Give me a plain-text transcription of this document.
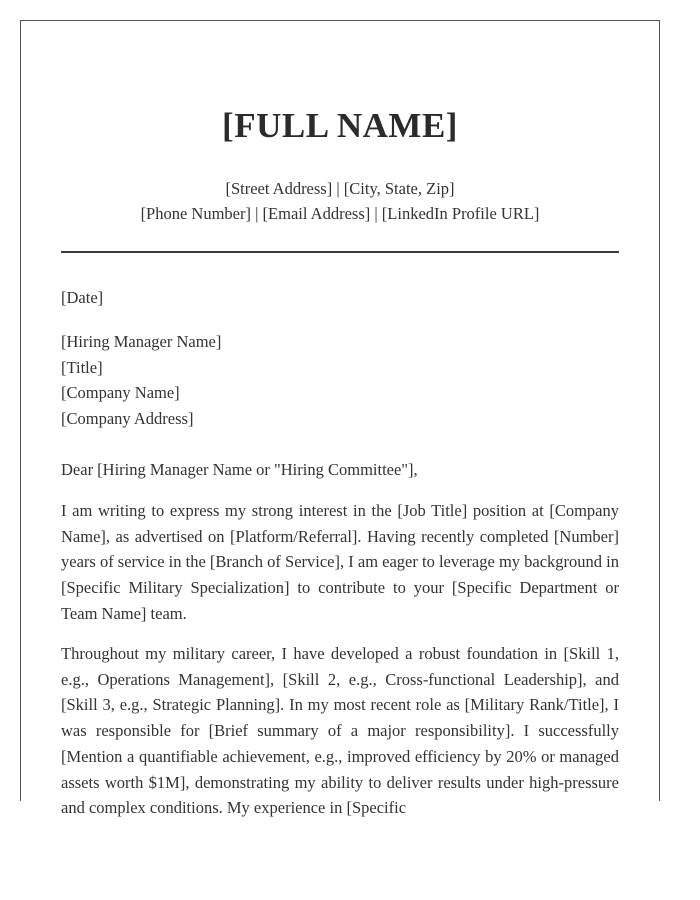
[FULL NAME]
[Street Address] | [City, State, Zip]
[Phone Number] | [Email Address] | [LinkedIn Profile URL]
[Date]
[Hiring Manager Name]
[Title]
[Company Name]
[Company Address]
Dear [Hiring Manager Name or "Hiring Committee"],

I am writing to express my strong interest in the [Job Title] position at [Company Name], as advertised on [Platform/Referral]. Having recently completed [Number] years of service in the [Branch of Service], I am eager to leverage my background in [Specific Military Specialization] to contribute to your [Specific Department or Team Name] team.

Throughout my military career, I have developed a robust foundation in [Skill 1, e.g., Operations Management], [Skill 2, e.g., Cross-functional Leadership], and [Skill 3, e.g., Strategic Planning]. In my most recent role as [Military Rank/Title], I was responsible for [Brief summary of a major responsibility]. I successfully [Mention a quantifiable achievement, e.g., improved efficiency by 20% or managed assets worth $1M], demonstrating my ability to deliver results under high-pressure and complex conditions. My experience in [Specific
